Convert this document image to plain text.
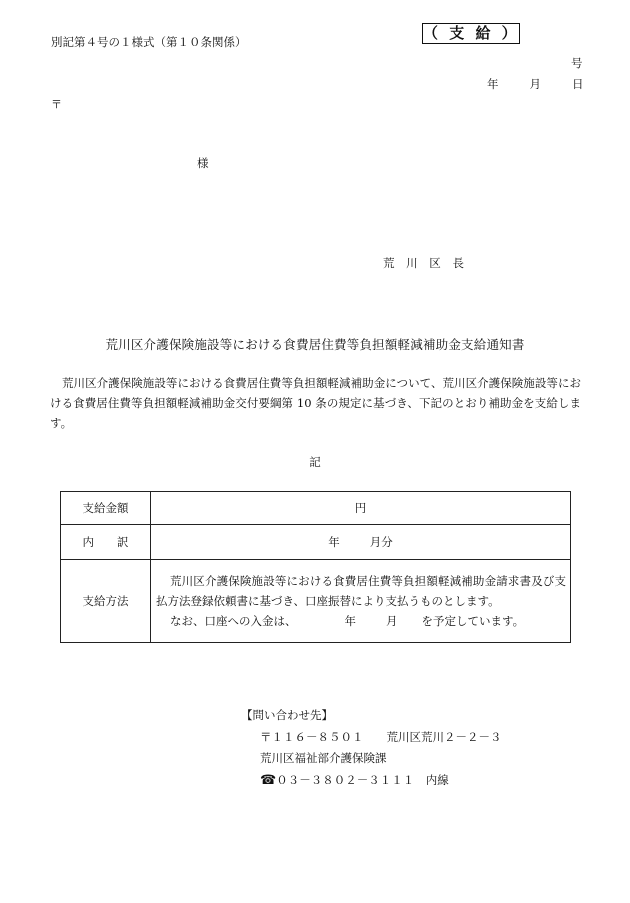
別記第４号の１様式（第１０条関係）	（ 支 給 ）
号
年	月	日
〒
様
荒 川 区 長
荒川区介護保険施設等における食費居住費等負担額軽減補助金支給通知書
荒川区介護保険施設等における食費居住費等負担額軽減補助金について、荒川区介護保険施設等における食費居住費等負担額軽減補助金交付要綱第 10 条の規定に基づき、下記のとおり補助金を支給します。
記
支給金額	円
内　　訳	年 月分
支給方法	荒川区介護保険施設等における食費居住費等負担額軽減補助金請求書及び支払方法登録依頼書に基づき、口座振替により支払うものとします。
なお、口座への入金は、 年 月 を予定しています。
【問い合わせ先】
〒１１６－８５０１　　荒川区荒川２－２－３
荒川区福祉部介護保険課
☎０３－３８０２－３１１１　内線
